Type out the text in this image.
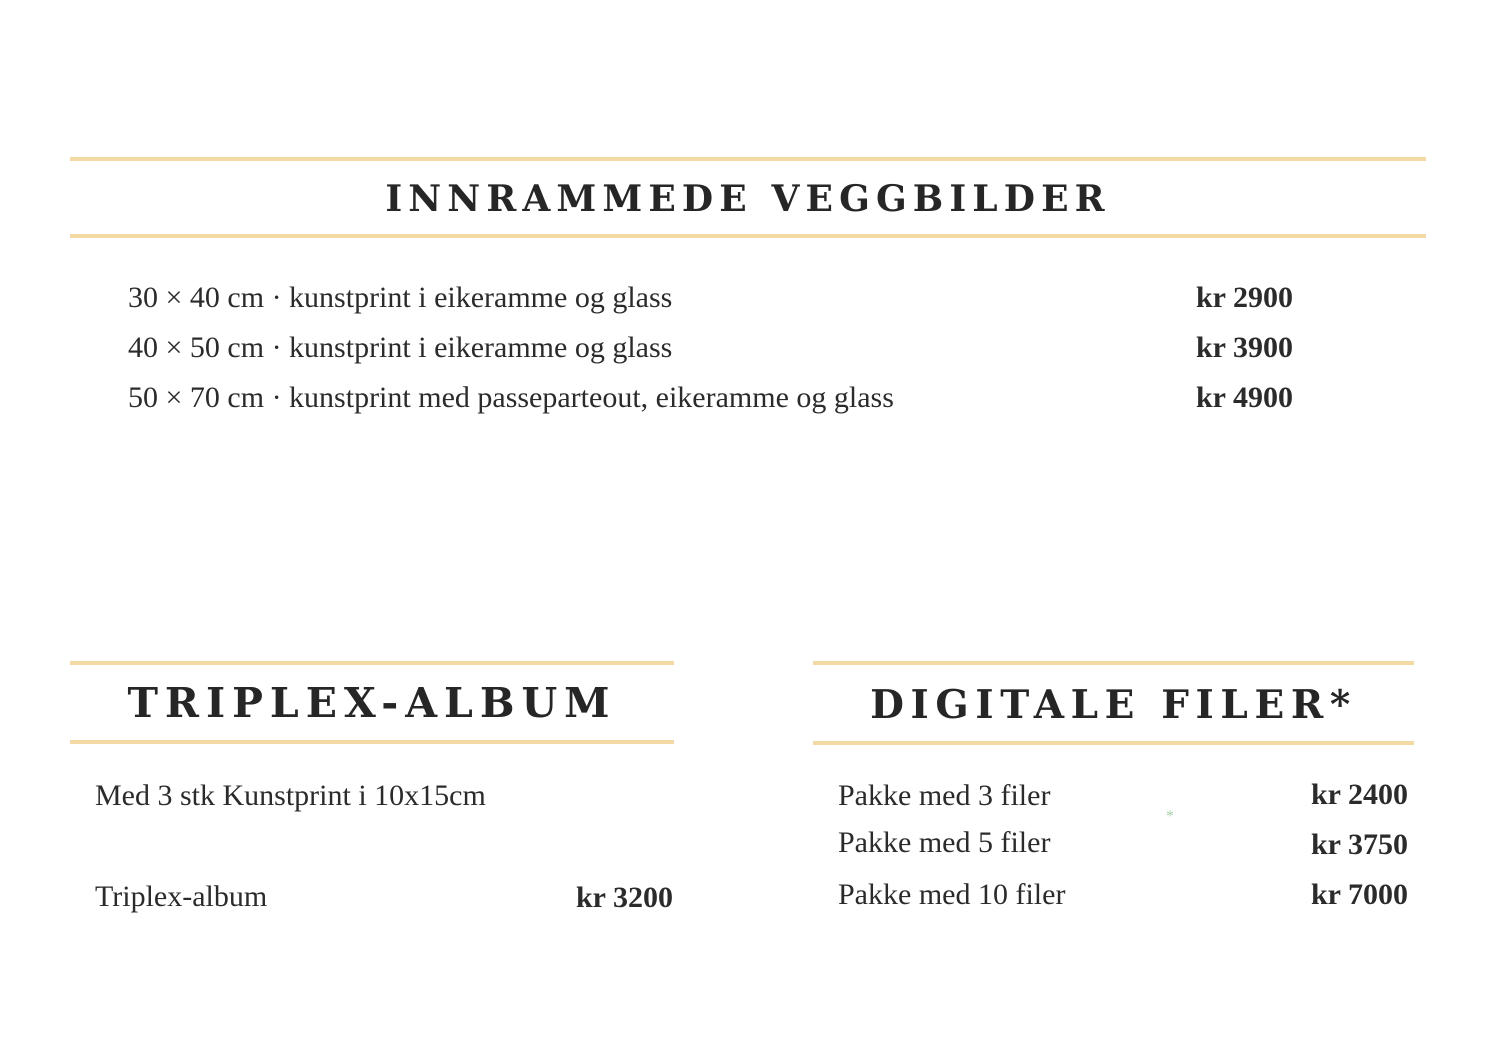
INNRAMMEDE VEGGBILDER
30 × 40 cm · kunstprint i eikeramme og glass	kr 2900
40 × 50 cm · kunstprint i eikeramme og glass	kr 3900
50 × 70 cm · kunstprint med passeparteout, eikeramme og glass	kr 4900
TRIPLEX-ALBUM
Med 3 stk Kunstprint i 10x15cm
Triplex-album	kr 3200
DIGITALE FILER*
Pakke med 3 filer	kr 2400
Pakke med 5 filer	kr 3750
Pakke med 10 filer	kr 7000
*
